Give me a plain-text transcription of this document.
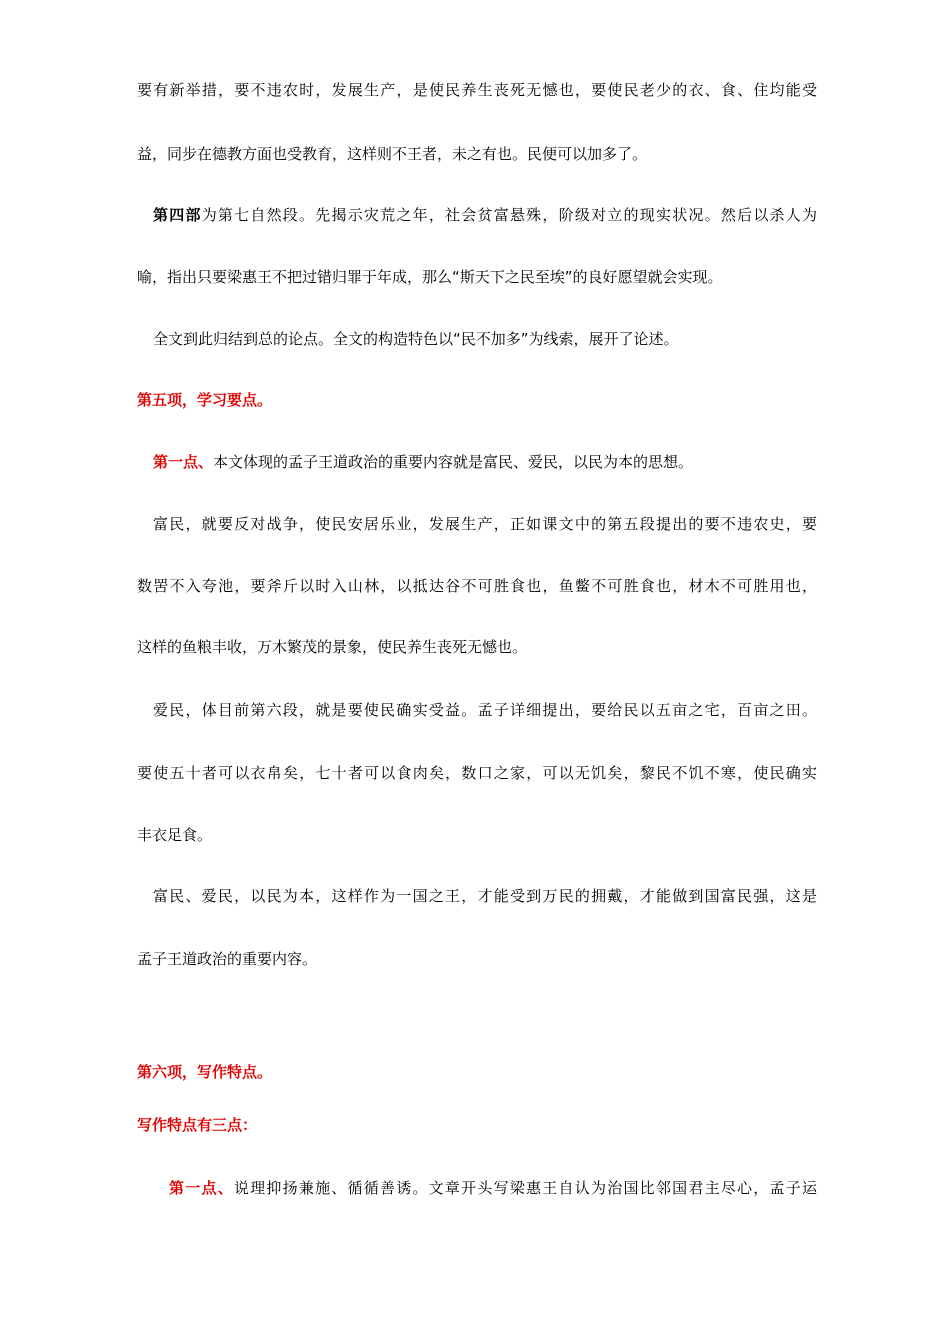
要有新举措，要不违农时，发展生产，是使民养生丧死无憾也，要使民老少的衣、食、住均能受
益，同步在德教方面也受教育，这样则不王者，未之有也。民便可以加多了。
第四部为第七自然段。先揭示灾荒之年，社会贫富悬殊，阶级对立的现实状况。然后以杀人为
喻，指出只要梁惠王不把过错归罪于年成，那么“斯天下之民至埃”的良好愿望就会实现。
全文到此归结到总的论点。全文的构造特色以“民不加多”为线索，展开了论述。
第五项，学习要点。
第一点、本文体现的孟子王道政治的重要内容就是富民、爱民，以民为本的思想。
富民，就要反对战争，使民安居乐业，发展生产，正如课文中的第五段提出的要不违农史，要
数罟不入夸池，要斧斤以时入山林，以抵达谷不可胜食也，鱼鳖不可胜食也，材木不可胜用也，
这样的鱼粮丰收，万木繁茂的景象，使民养生丧死无憾也。
爱民，体目前第六段，就是要使民确实受益。孟子详细提出，要给民以五亩之宅，百亩之田。
要使五十者可以衣帛矣，七十者可以食肉矣，数口之家，可以无饥矣，黎民不饥不寒，使民确实
丰衣足食。
富民、爱民，以民为本，这样作为一国之王，才能受到万民的拥戴，才能做到国富民强，这是
孟子王道政治的重要内容。
第六项，写作特点。
写作特点有三点：
第一点、说理抑扬兼施、循循善诱。文章开头写梁惠王自认为治国比邻国君主尽心，孟子运
